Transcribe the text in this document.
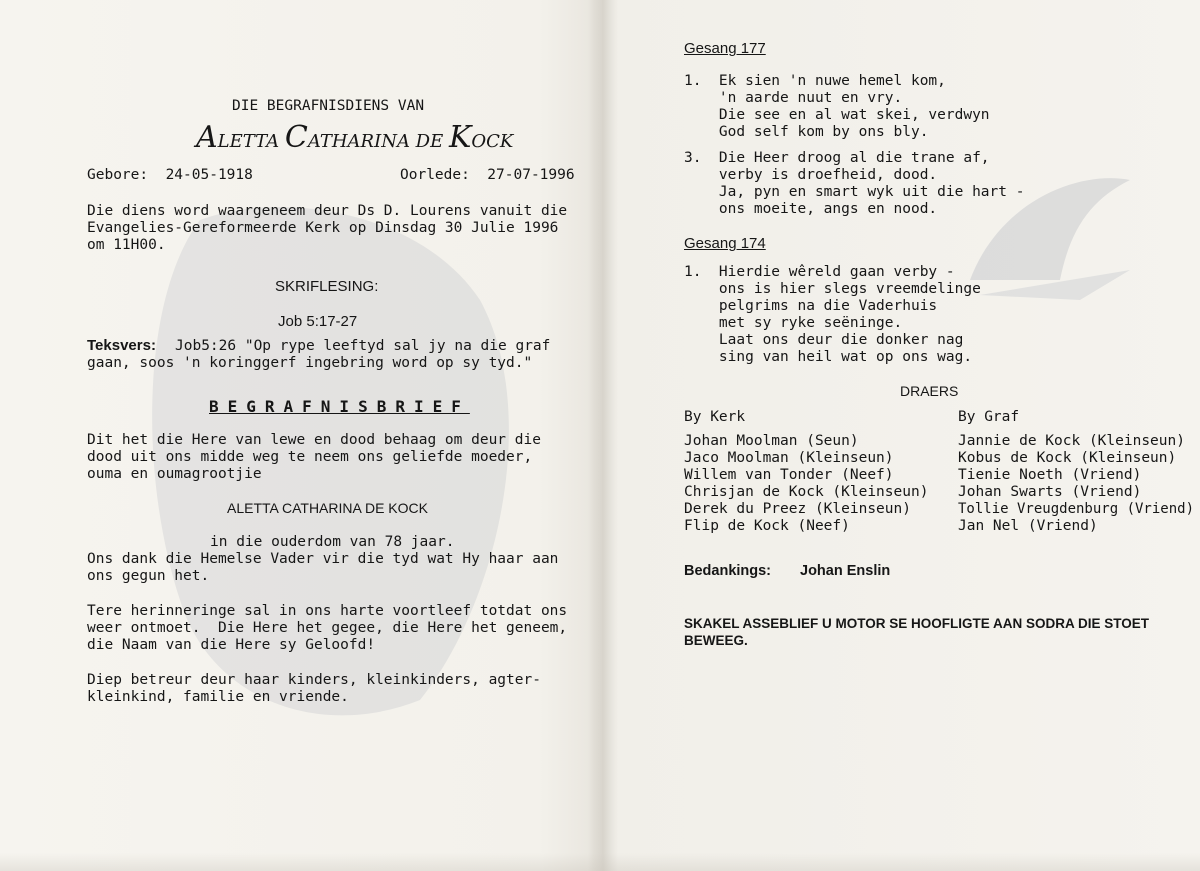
DIE BEGRAFNISDIENS VAN
ALETTA CATHARINA DE KOCK
Gebore:  24-05-1918	Oorlede:  27-07-1996
Die diens word waargeneem deur Ds D. Lourens vanuit die
Evangelies-Gereformeerde Kerk op Dinsdag 30 Julie 1996
om 11H00.
SKRIFLESING:
Job 5:17-27
Teksvers: Job5:26 "Op rype leeftyd sal jy na die graf
gaan, soos 'n koringgerf ingebring word op sy tyd."
BEGRAFNISBRIEF
Dit het die Here van lewe en dood behaag om deur die
dood uit ons midde weg te neem ons geliefde moeder,
ouma en oumagrootjie
ALETTA CATHARINA DE KOCK
in die ouderdom van 78 jaar.
Ons dank die Hemelse Vader vir die tyd wat Hy haar aan
ons gegun het.
Tere herinneringe sal in ons harte voortleef totdat ons
weer ontmoet.  Die Here het gegee, die Here het geneem,
die Naam van die Here sy Geloofd!
Diep betreur deur haar kinders, kleinkinders, agter-
kleinkind, familie en vriende.
Gesang 177
1.  Ek sien 'n nuwe hemel kom,
'n aarde nuut en vry.
Die see en al wat skei, verdwyn
God self kom by ons bly.
3.  Die Heer droog al die trane af,
verby is droefheid, dood.
Ja, pyn en smart wyk uit die hart -
ons moeite, angs en nood.
Gesang 174
1.  Hierdie wêreld gaan verby -
ons is hier slegs vreemdelinge
pelgrims na die Vaderhuis
met sy ryke seëninge.
Laat ons deur die donker nag
sing van heil wat op ons wag.
DRAERS
By Kerk	By Graf
Johan Moolman (Seun)
Jaco Moolman (Kleinseun)
Willem van Tonder (Neef)
Chrisjan de Kock (Kleinseun)
Derek du Preez (Kleinseun)
Flip de Kock (Neef)
Jannie de Kock (Kleinseun)
Kobus de Kock (Kleinseun)
Tienie Noeth (Vriend)
Johan Swarts (Vriend)
Tollie Vreugdenburg (Vriend)
Jan Nel (Vriend)
Bedankings: Johan Enslin
SKAKEL ASSEBLIEF U MOTOR SE HOOFLIGTE AAN SODRA DIE STOET
BEWEEG.
